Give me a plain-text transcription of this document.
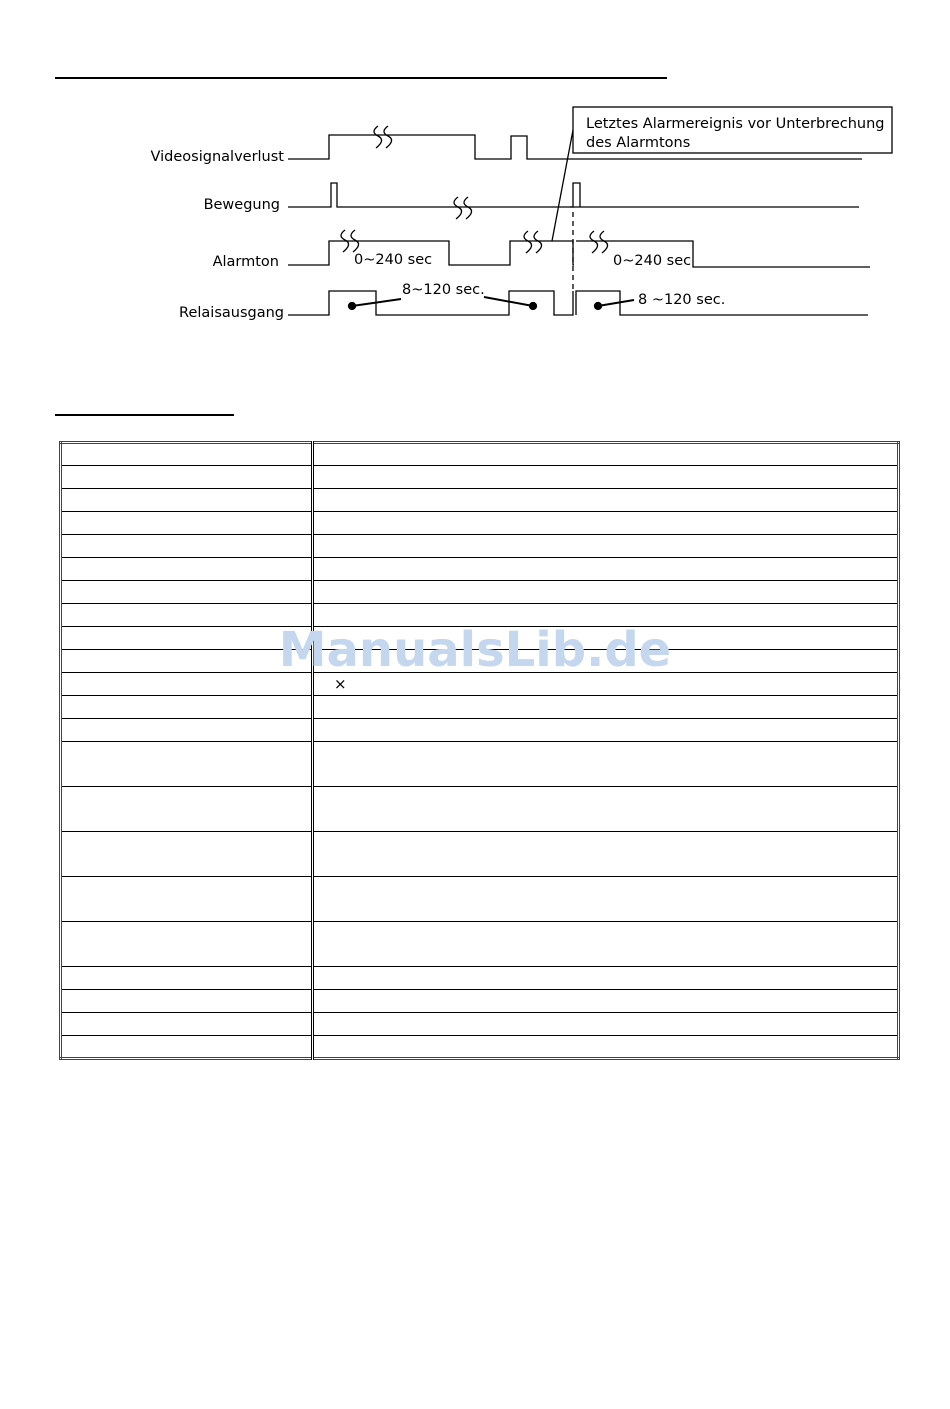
Videosignalverlust
Bewegung
Alarmton
Relaisausgang
0~240 sec	0~240 sec
8~120 sec.
8 ~120 sec.
Letztes Alarmereignis vor Unterbrechung
des Alarmtons

	×

ManualsLib.de
